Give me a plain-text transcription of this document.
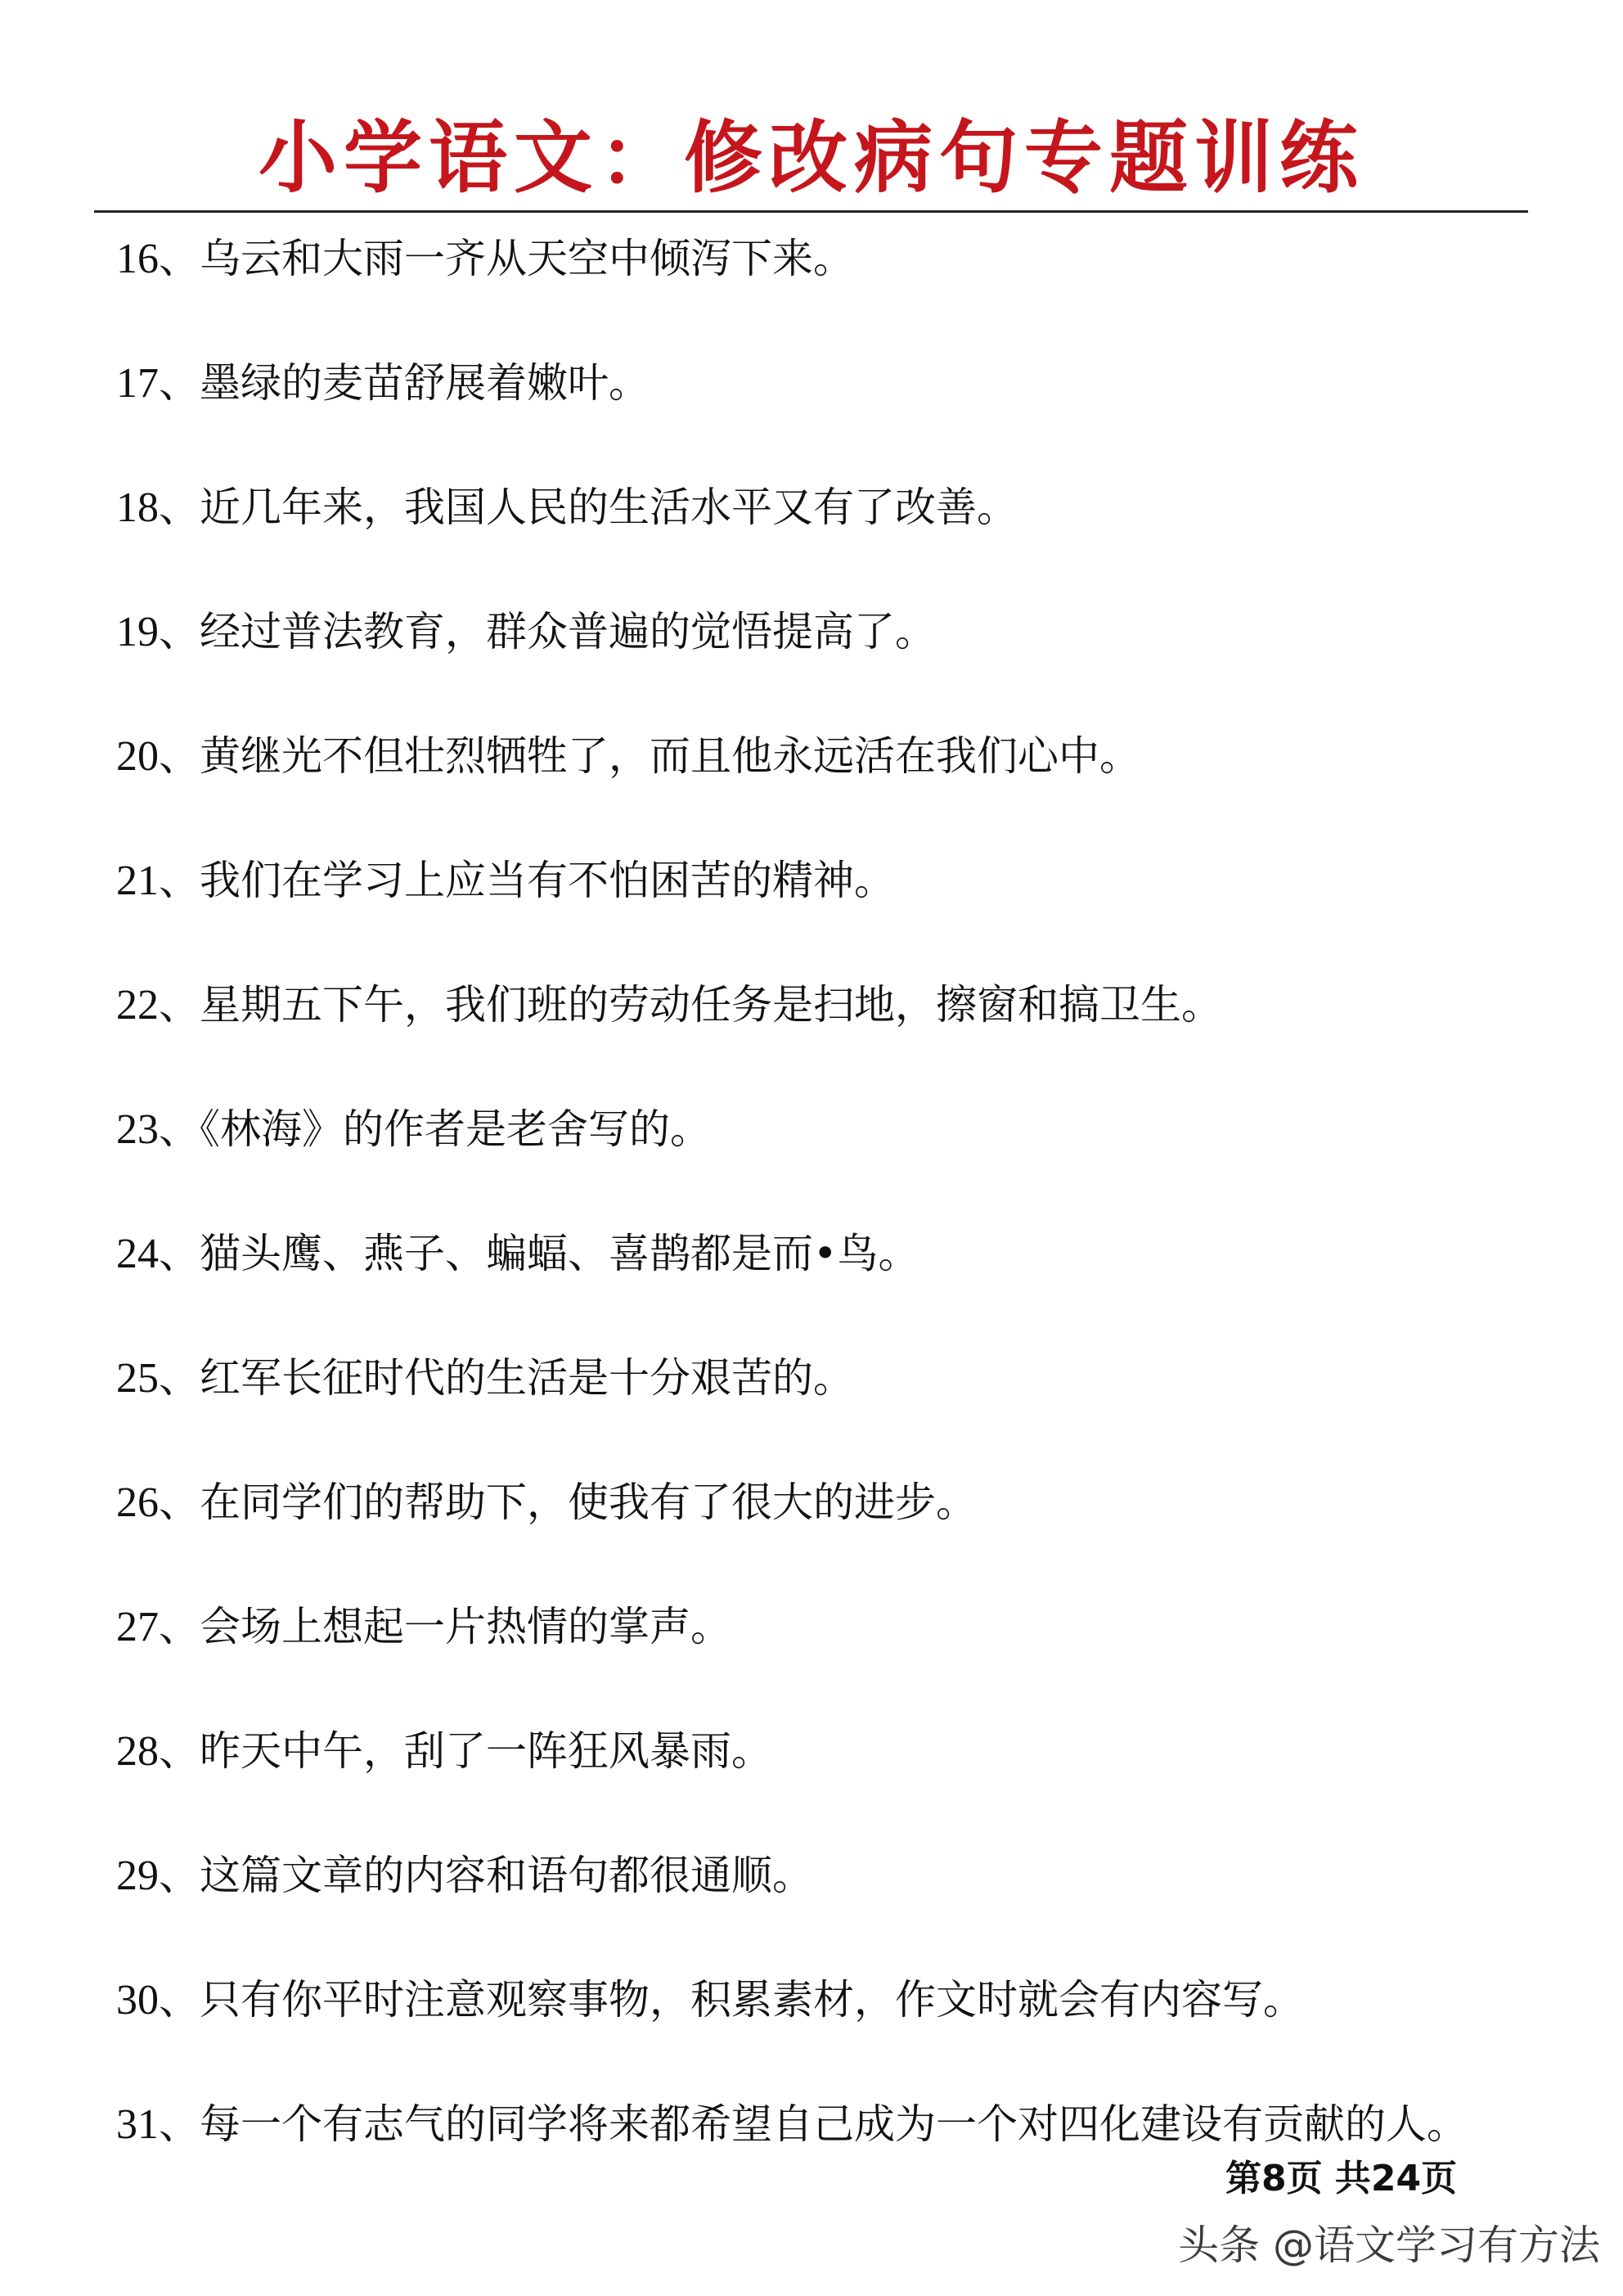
小学语文：修改病句专题训练
16、乌云和大雨一齐从天空中倾泻下来。
17、墨绿的麦苗舒展着嫩叶。
18、近几年来，我国人民的生活水平又有了改善。
19、经过普法教育，群众普遍的觉悟提高了。
20、黄继光不但壮烈牺牲了，而且他永远活在我们心中。
21、我们在学习上应当有不怕困苦的精神。
22、星期五下午，我们班的劳动任务是扫地，擦窗和搞卫生。
23、《林海》的作者是老舍写的。
24、猫头鹰、燕子、蝙蝠、喜鹊都是而•鸟。
25、红军长征时代的生活是十分艰苦的。
26、在同学们的帮助下，使我有了很大的进步。
27、会场上想起一片热情的掌声。
28、昨天中午，刮了一阵狂风暴雨。
29、这篇文章的内容和语句都很通顺。
30、只有你平时注意观察事物，积累素材，作文时就会有内容写。
31、每一个有志气的同学将来都希望自己成为一个对四化建设有贡献的人。
第8页 共24页
头条 @语文学习有方法
